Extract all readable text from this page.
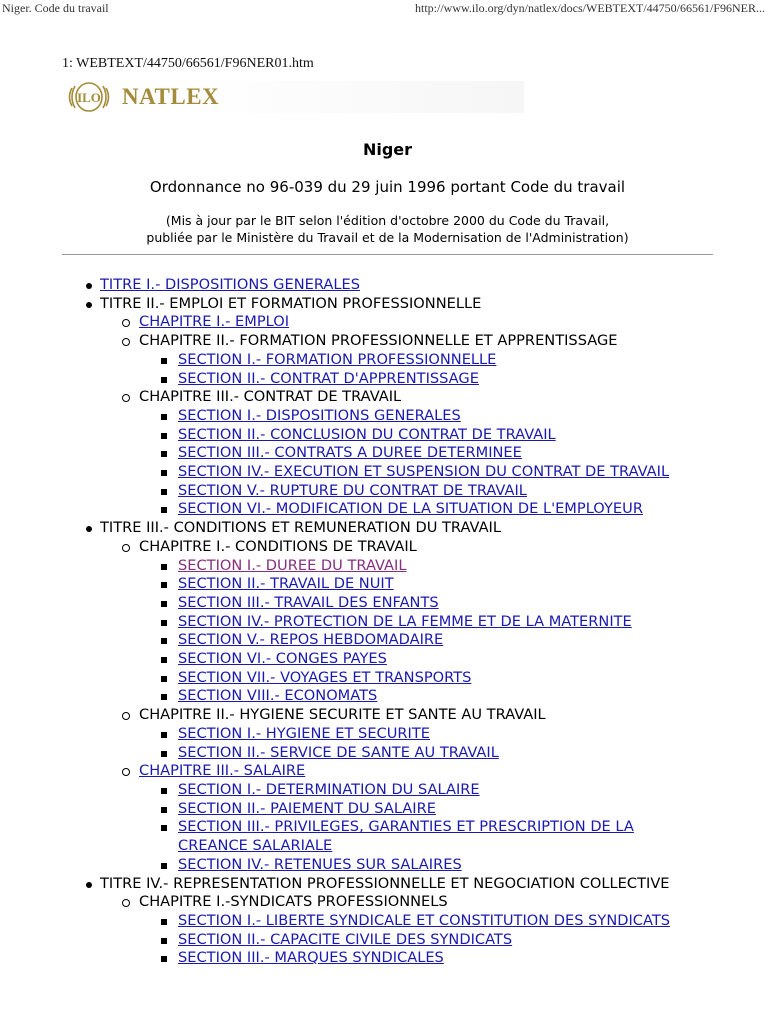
Niger. Code du travail	http://www.ilo.org/dyn/natlex/docs/WEBTEXT/44750/66561/F96NER...
1: WEBTEXT/44750/66561/F96NER01.htm
ILO NATLEX
Niger
Ordonnance no 96-039 du 29 juin 1996 portant Code du travail
(Mis à jour par le BIT selon l'édition d'octobre 2000 du Code du Travail,
publiée par le Ministère du Travail et de la Modernisation de l'Administration)
TITRE I.- DISPOSITIONS GENERALES
TITRE II.- EMPLOI ET FORMATION PROFESSIONNELLE
CHAPITRE I.- EMPLOI
CHAPITRE II.- FORMATION PROFESSIONNELLE ET APPRENTISSAGE
SECTION I.- FORMATION PROFESSIONNELLE
SECTION II.- CONTRAT D'APPRENTISSAGE
CHAPITRE III.- CONTRAT DE TRAVAIL
SECTION I.- DISPOSITIONS GENERALES
SECTION II.- CONCLUSION DU CONTRAT DE TRAVAIL
SECTION III.- CONTRATS A DUREE DETERMINEE
SECTION IV.- EXECUTION ET SUSPENSION DU CONTRAT DE TRAVAIL
SECTION V.- RUPTURE DU CONTRAT DE TRAVAIL
SECTION VI.- MODIFICATION DE LA SITUATION DE L'EMPLOYEUR
TITRE III.- CONDITIONS ET REMUNERATION DU TRAVAIL
CHAPITRE I.- CONDITIONS DE TRAVAIL
SECTION I.- DUREE DU TRAVAIL
SECTION II.- TRAVAIL DE NUIT
SECTION III.- TRAVAIL DES ENFANTS
SECTION IV.- PROTECTION DE LA FEMME ET DE LA MATERNITE
SECTION V.- REPOS HEBDOMADAIRE
SECTION VI.- CONGES PAYES
SECTION VII.- VOYAGES ET TRANSPORTS
SECTION VIII.- ECONOMATS
CHAPITRE II.- HYGIENE SECURITE ET SANTE AU TRAVAIL
SECTION I.- HYGIENE ET SECURITE
SECTION II.- SERVICE DE SANTE AU TRAVAIL
CHAPITRE III.- SALAIRE
SECTION I.- DETERMINATION DU SALAIRE
SECTION II.- PAIEMENT DU SALAIRE
SECTION III.- PRIVILEGES, GARANTIES ET PRESCRIPTION DE LA CREANCE SALARIALE
SECTION IV.- RETENUES SUR SALAIRES
TITRE IV.- REPRESENTATION PROFESSIONNELLE ET NEGOCIATION COLLECTIVE
CHAPITRE I.-SYNDICATS PROFESSIONNELS
SECTION I.- LIBERTE SYNDICALE ET CONSTITUTION DES SYNDICATS
SECTION II.- CAPACITE CIVILE DES SYNDICATS
SECTION III.- MARQUES SYNDICALES
